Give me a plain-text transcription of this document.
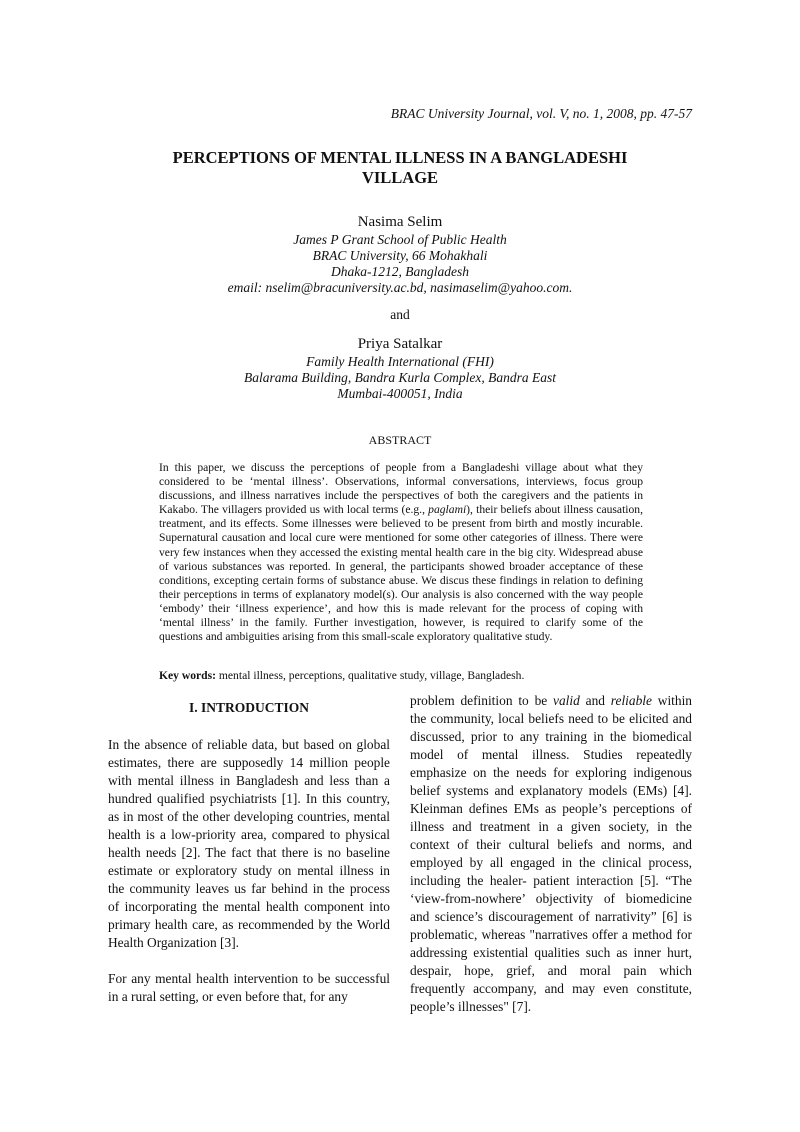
BRAC University Journal, vol. V, no. 1, 2008, pp. 47-57
PERCEPTIONS OF MENTAL ILLNESS IN A BANGLADESHI VILLAGE
Nasima Selim
James P Grant School of Public Health
BRAC University, 66 Mohakhali
Dhaka-1212, Bangladesh
email: nselim@bracuniversity.ac.bd, nasimaselim@yahoo.com.
and
Priya Satalkar
Family Health International (FHI)
Balarama Building, Bandra Kurla Complex, Bandra East
Mumbai-400051, India
ABSTRACT
In this paper, we discuss the perceptions of people from a Bangladeshi village about what they considered to be ‘mental illness’. Observations, informal conversations, interviews, focus group discussions, and illness narratives include the perspectives of both the caregivers and the patients in Kakabo. The villagers provided us with local terms (e.g., paglami), their beliefs about illness causation, treatment, and its effects. Some illnesses were believed to be present from birth and mostly incurable. Supernatural causation and local cure were mentioned for some other categories of illness. There were very few instances when they accessed the existing mental health care in the big city. Widespread abuse of various substances was reported. In general, the participants showed broader acceptance of these conditions, excepting certain forms of substance abuse. We discus these findings in relation to defining their perceptions in terms of explanatory model(s). Our analysis is also concerned with the way people ‘embody’ their ‘illness experience’, and how this is made relevant for the process of coping with ‘mental illness’ in the family. Further investigation, however, is required to clarify some of the questions and ambiguities arising from this small-scale exploratory qualitative study.
Key words: mental illness, perceptions, qualitative study, village, Bangladesh.
I. INTRODUCTION

In the absence of reliable data, but based on global estimates, there are supposedly 14 million people with mental illness in Bangladesh and less than a hundred qualified psychiatrists [1]. In this country, as in most of the other developing countries, mental health is a low-priority area, compared to physical health needs [2]. The fact that there is no baseline estimate or exploratory study on mental illness in the community leaves us far behind in the process of incorporating the mental health component into primary health care, as recommended by the World Health Organization [3].

For any mental health intervention to be successful in a rural setting, or even before that, for any

problem definition to be valid and reliable within the community, local beliefs need to be elicited and discussed, prior to any training in the biomedical model of mental illness. Studies repeatedly emphasize on the needs for exploring indigenous belief systems and explanatory models (EMs) [4]. Kleinman defines EMs as people’s perceptions of illness and treatment in a given society, in the context of their cultural beliefs and norms, and employed by all engaged in the clinical process, including the healer- patient interaction [5]. “The ‘view-from-nowhere’ objectivity of biomedicine and science’s discouragement of narrativity” [6] is problematic, whereas "narratives offer a method for addressing existential qualities such as inner hurt, despair, hope, grief, and moral pain which frequently accompany, and may even constitute, people’s illnesses" [7].
